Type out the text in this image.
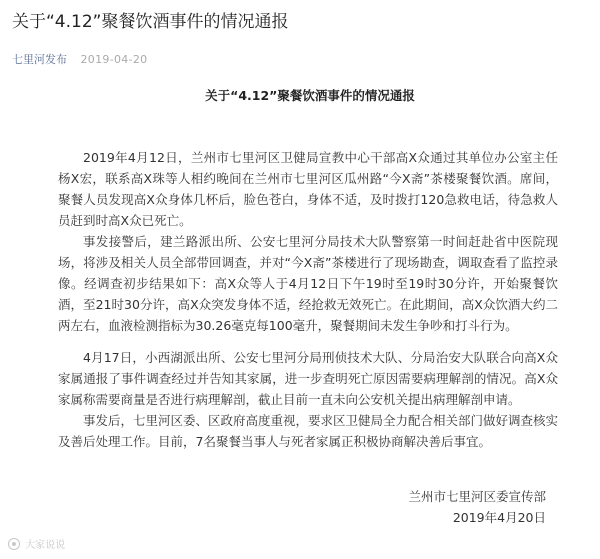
关于“4.12”聚餐饮酒事件的情况通报
七里河发布 2019-04-20
关于“4.12”聚餐饮酒事件的情况通报

2019年4月12日，兰州市七里河区卫健局宣教中心干部高X众通过其单位办公室主任杨X宏，联系高X珠等人相约晚间在兰州市七里河区瓜州路“今X斋”茶楼聚餐饮酒。席间，聚餐人员发现高X众身体几杯后，脸色苍白，身体不适，及时拨打120急救电话，待急救人员赶到时高X众已死亡。

事发接警后，建兰路派出所、公安七里河分局技术大队警察第一时间赶赴省中医院现场，将涉及相关人员全部带回调查，并对“今X斋”茶楼进行了现场勘查，调取查看了监控录像。经调查初步结果如下：高X众等人于4月12日下午19时至19时30分许，开始聚餐饮酒，至21时30分许，高X众突发身体不适，经抢救无效死亡。在此期间，高X众饮酒大约二两左右，血液检测指标为30.26毫克每100毫升，聚餐期间未发生争吵和打斗行为。

4月17日，小西湖派出所、公安七里河分局刑侦技术大队、分局治安大队联合向高X众家属通报了事件调查经过并告知其家属，进一步查明死亡原因需要病理解剖的情况。高X众家属称需要商量是否进行病理解剖，截止目前一直未向公安机关提出病理解剖申请。

事发后，七里河区委、区政府高度重视，要求区卫健局全力配合相关部门做好调查核实及善后处理工作。目前，7名聚餐当事人与死者家属正积极协商解决善后事宜。

兰州市七里河区委宣传部
2019年4月20日
大家说说
